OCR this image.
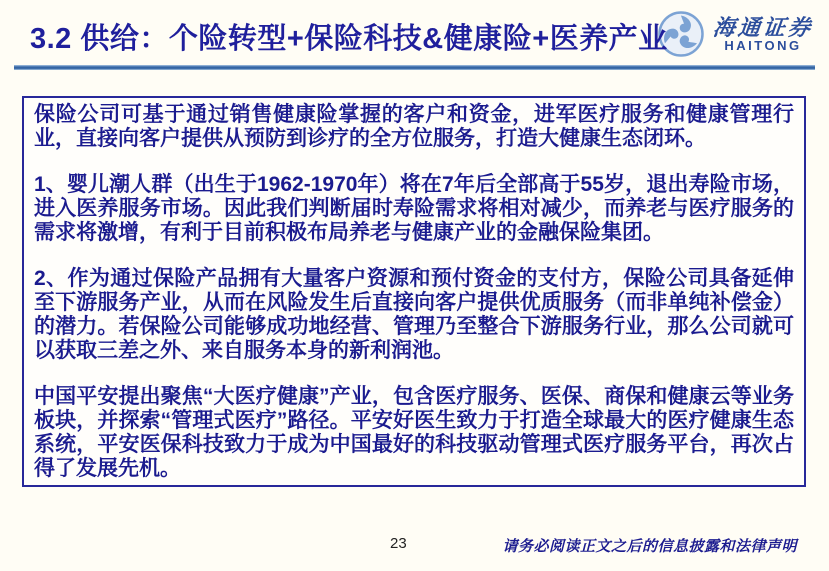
3.2 供给：个险转型+保险科技&健康险+医养产业	海通证券
HAITONG

保险公司可基于通过销售健康险掌握的客户和资金，进军医疗服务和健康管理行业，直接向客户提供从预防到诊疗的全方位服务，打造大健康生态闭环。

1、婴儿潮人群（出生于1962-1970年）将在7年后全部高于55岁，退出寿险市场，进入医养服务市场。因此我们判断届时寿险需求将相对减少，而养老与医疗服务的需求将激增，有利于目前积极布局养老与健康产业的金融保险集团。

2、作为通过保险产品拥有大量客户资源和预付资金的支付方，保险公司具备延伸至下游服务产业，从而在风险发生后直接向客户提供优质服务（而非单纯补偿金）的潜力。若保险公司能够成功地经营、管理乃至整合下游服务行业，那么公司就可以获取三差之外、来自服务本身的新利润池。

中国平安提出聚焦“大医疗健康”产业，包含医疗服务、医保、商保和健康云等业务板块，并探索“管理式医疗”路径。平安好医生致力于打造全球最大的医疗健康生态系统，平安医保科技致力于成为中国最好的科技驱动管理式医疗服务平台，再次占得了发展先机。

23	请务必阅读正文之后的信息披露和法律声明
